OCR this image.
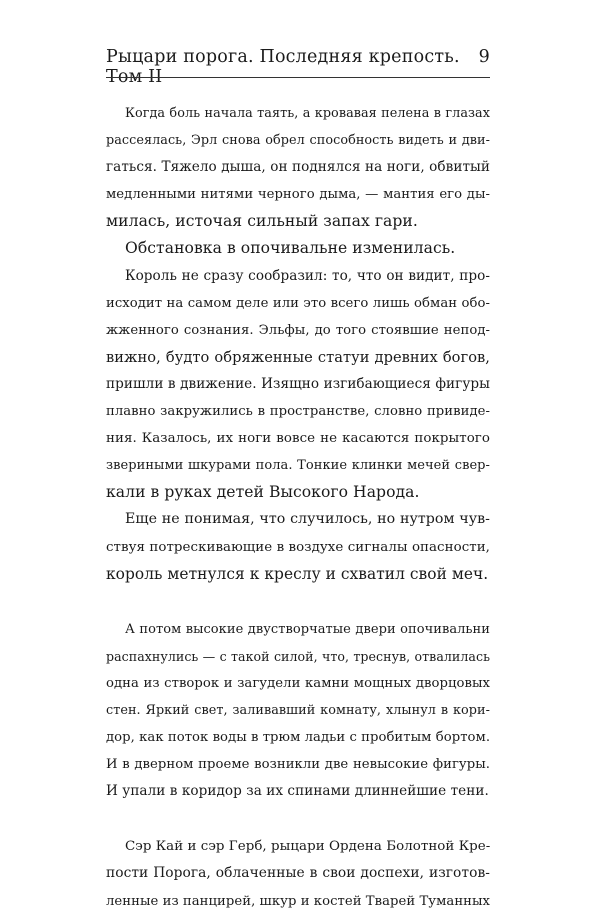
Рыцари порога. Последняя крепость. Том II
9
Когда боль начала таять, а кровавая пелена в глазах
рассеялась, Эрл снова обрел способность видеть и дви-
гаться. Тяжело дыша, он поднялся на ноги, обвитый
медленными нитями черного дыма, — мантия его ды-
милась, источая сильный запах гари.
Обстановка в опочивальне изменилась.
Король не сразу сообразил: то, что он видит, про-
исходит на самом деле или это всего лишь обман обо-
жженного сознания. Эльфы, до того стоявшие непод-
вижно, будто обряженные статуи древних богов,
пришли в движение. Изящно изгибающиеся фигуры
плавно закружились в пространстве, словно привиде-
ния. Казалось, их ноги вовсе не касаются покрытого
звериными шкурами пола. Тонкие клинки мечей свер-
кали в руках детей Высокого Народа.
Еще не понимая, что случилось, но нутром чув-
ствуя потрескивающие в воздухе сигналы опасности,
король метнулся к креслу и схватил свой меч.
А потом высокие двустворчатые двери опочивальни
распахнулись — с такой силой, что, треснув, отвалилась
одна из створок и загудели камни мощных дворцовых
стен. Яркий свет, заливавший комнату, хлынул в кори-
дор, как поток воды в трюм ладьи с пробитым бортом.
И в дверном проеме возникли две невысокие фигуры.
И упали в коридор за их спинами длиннейшие тени.
Сэр Кай и сэр Герб, рыцари Ордена Болотной Кре-
пости Порога, облаченные в свои доспехи, изготов-
ленные из панцирей, шкур и костей Тварей Туманных
